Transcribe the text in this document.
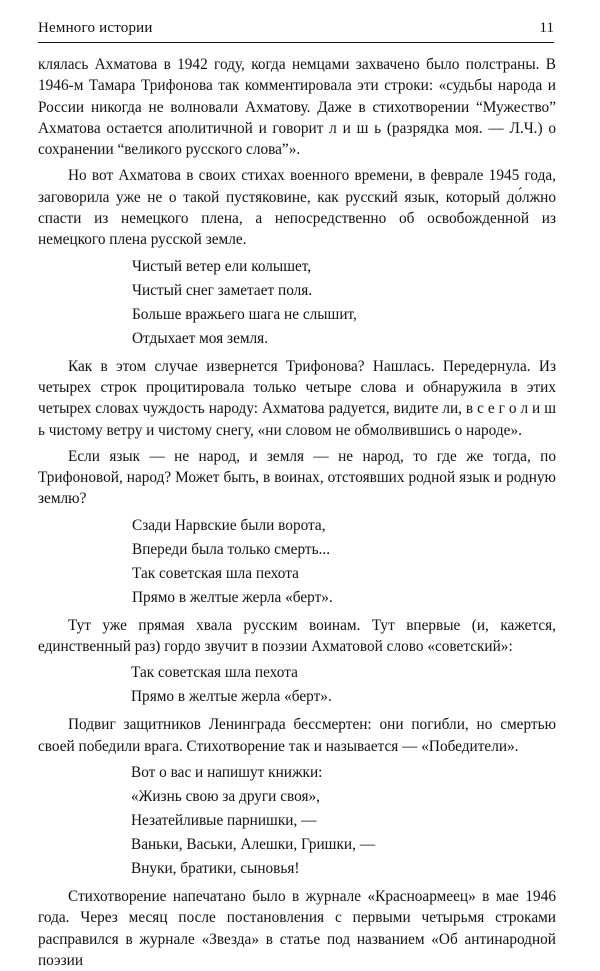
Немного истории	11

клялась Ахматова в 1942 году, когда немцами захвачено было полстраны. В 1946-м Тамара Трифонова так комментировала эти строки: «судьбы народа и России никогда не волновали Ахматову. Даже в стихотворении “Мужество” Ахматова остается аполитичной и говорит л и ш ь (разрядка моя. — Л.Ч.) о сохранении “великого русского слова”».

Но вот Ахматова в своих стихах военного времени, в феврале 1945 года, заговорила уже не о такой пустяковине, как русский язык, который до́лжно спасти из немецкого плена, а непосредственно об освобожденной из немецкого плена русской земле.

Чистый ветер ели колышет,
Чистый снег заметает поля.
Больше вражьего шага не слышит,
Отдыхает моя земля.

Как в этом случае извернется Трифонова? Нашлась. Передернула. Из четырех строк процитировала только четыре слова и обнаружила в этих четырех словах чуждость народу: Ахматова радуется, видите ли, в с е г о л и ш ь чистому ветру и чистому снегу, «ни словом не обмолвившись о народе».

Если язык — не народ, и земля — не народ, то где же тогда, по Трифоновой, народ? Может быть, в воинах, отстоявших родной язык и родную землю?

Сзади Нарвские были ворота,
Впереди была только смерть...
Так советская шла пехота
Прямо в желтые жерла «берт».

Тут уже прямая хвала русским воинам. Тут впервые (и, кажется, единственный раз) гордо звучит в поэзии Ахматовой слово «советский»:

Так советская шла пехота
Прямо в желтые жерла «берт».

Подвиг защитников Ленинграда бессмертен: они погибли, но смертью своей победили врага. Стихотворение так и называется — «Победители».

Вот о вас и напишут книжки:
«Жизнь свою за други своя»,
Незатейливые парнишки, —
Ваньки, Васьки, Алешки, Гришки, —
Внуки, братики, сыновья!

Стихотворение напечатано было в журнале «Красноармеец» в мае 1946 года. Через месяц после постановления с первыми четырьмя строками расправился в журнале «Звезда» в статье под названием «Об антинародной поэзии
